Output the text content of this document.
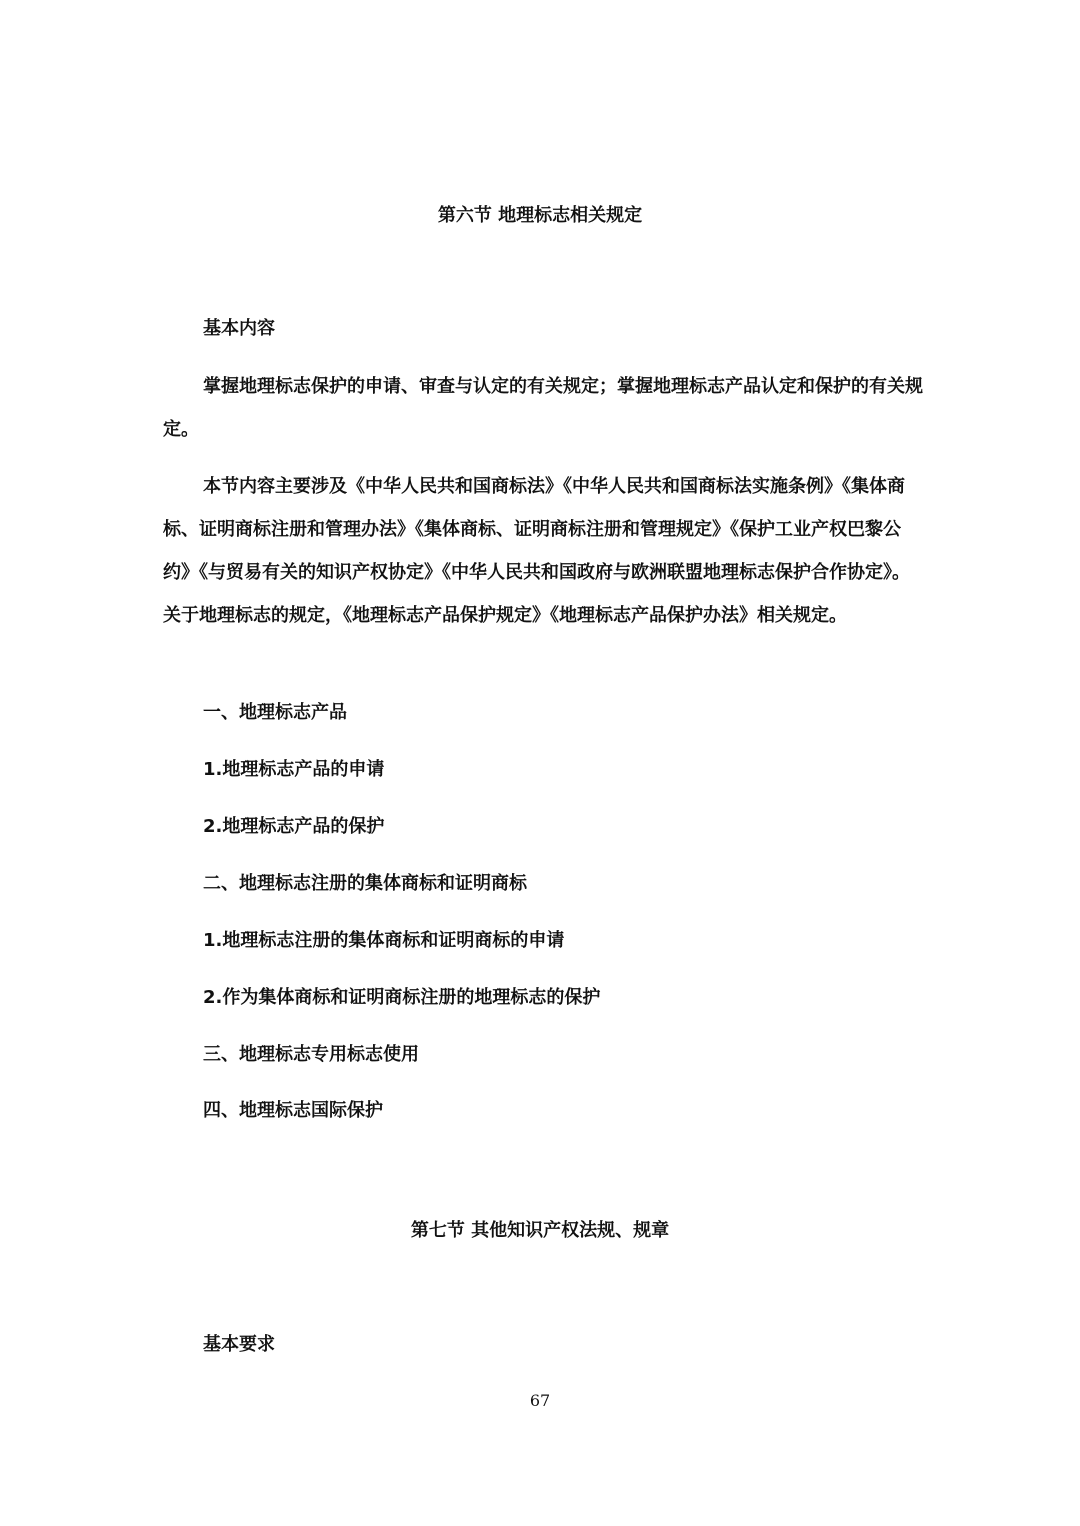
第六节 地理标志相关规定
基本内容

掌握地理标志保护的申请、审查与认定的有关规定；掌握地理标志产品认定和保护的有关规定。

本节内容主要涉及《中华人民共和国商标法》《中华人民共和国商标法实施条例》《集体商标、证明商标注册和管理办法》《集体商标、证明商标注册和管理规定》《保护工业产权巴黎公约》《与贸易有关的知识产权协定》《中华人民共和国政府与欧洲联盟地理标志保护合作协定》。关于地理标志的规定，《地理标志产品保护规定》《地理标志产品保护办法》相关规定。

一、地理标志产品
1.地理标志产品的申请
2.地理标志产品的保护
二、地理标志注册的集体商标和证明商标
1.地理标志注册的集体商标和证明商标的申请
2.作为集体商标和证明商标注册的地理标志的保护
三、地理标志专用标志使用
四、地理标志国际保护
第七节 其他知识产权法规、规章
基本要求
67
